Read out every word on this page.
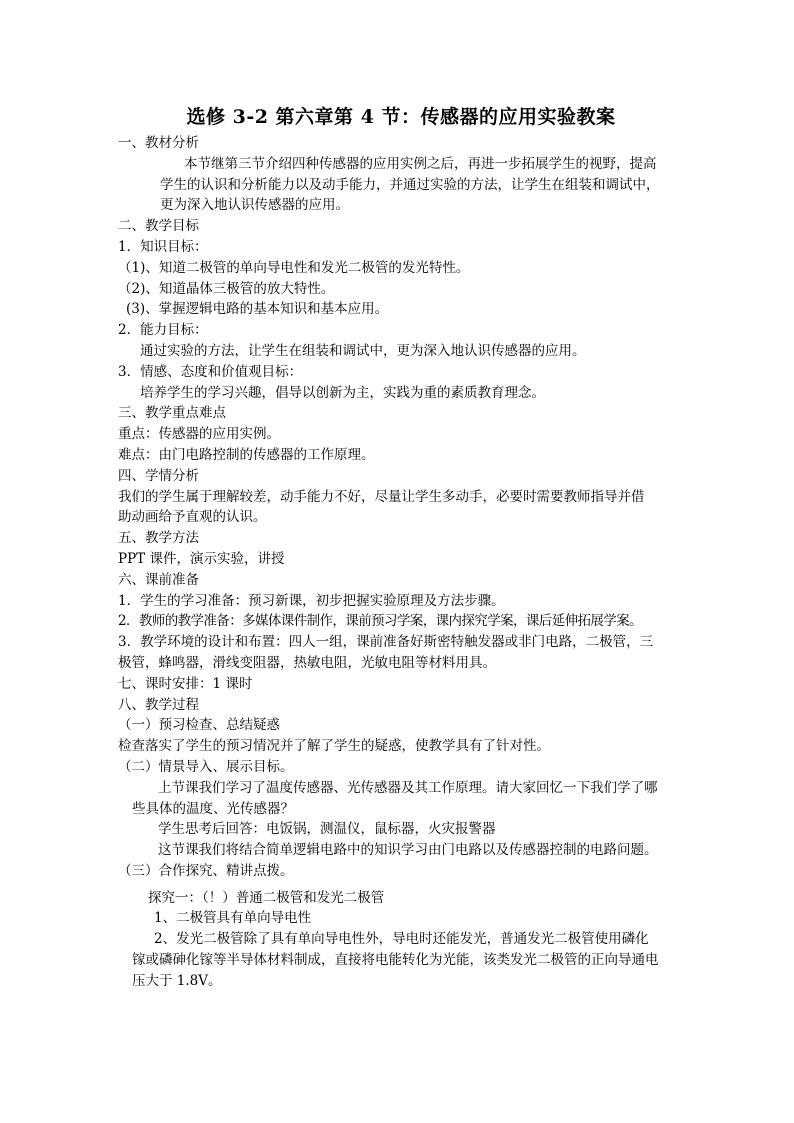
选修 3-2 第六章第 4 节：传感器的应用实验教案
一、教材分析
本节继第三节介绍四种传感器的应用实例之后，再进一步拓展学生的视野，提高
学生的认识和分析能力以及动手能力，并通过实验的方法，让学生在组装和调试中，
更为深入地认识传感器的应用。
二、教学目标
1．知识目标：
（1)、知道二极管的单向导电性和发光二极管的发光特性。
（2)、知道晶体三极管的放大特性。
(3)、掌握逻辑电路的基本知识和基本应用。
2．能力目标：
通过实验的方法，让学生在组装和调试中，更为深入地认识传感器的应用。
3．情感、态度和价值观目标：
培养学生的学习兴趣，倡导以创新为主，实践为重的素质教育理念。
三、教学重点难点
重点：传感器的应用实例。
难点：由门电路控制的传感器的工作原理。
四、学情分析
我们的学生属于理解较差，动手能力不好，尽量让学生多动手，必要时需要教师指导并借
助动画给予直观的认识。
五、教学方法
PPT 课件，演示实验，讲授
六、课前准备
1．学生的学习准备：预习新课，初步把握实验原理及方法步骤。
2．教师的教学准备：多媒体课件制作，课前预习学案，课内探究学案，课后延伸拓展学案。
3．教学环境的设计和布置：四人一组，课前准备好斯密特触发器或非门电路，二极管，三
极管，蜂鸣器，滑线变阻器，热敏电阻，光敏电阻等材料用具。
七、课时安排：1 课时
八、教学过程
（一）预习检查、总结疑惑
检查落实了学生的预习情况并了解了学生的疑惑，使教学具有了针对性。
（二）情景导入、展示目标。
上节课我们学习了温度传感器、光传感器及其工作原理。请大家回忆一下我们学了哪
些具体的温度、光传感器？
学生思考后回答：电饭锅，测温仪，鼠标器，火灾报警器
这节课我们将结合简单逻辑电路中的知识学习由门电路以及传感器控制的电路问题。
（三）合作探究、精讲点拨。
探究一：（！）普通二极管和发光二极管
1、二极管具有单向导电性
2、发光二极管除了具有单向导电性外，导电时还能发光，普通发光二极管使用磷化
镓或磷砷化镓等半导体材料制成，直接将电能转化为光能，该类发光二极管的正向导通电
压大于 1.8V。
